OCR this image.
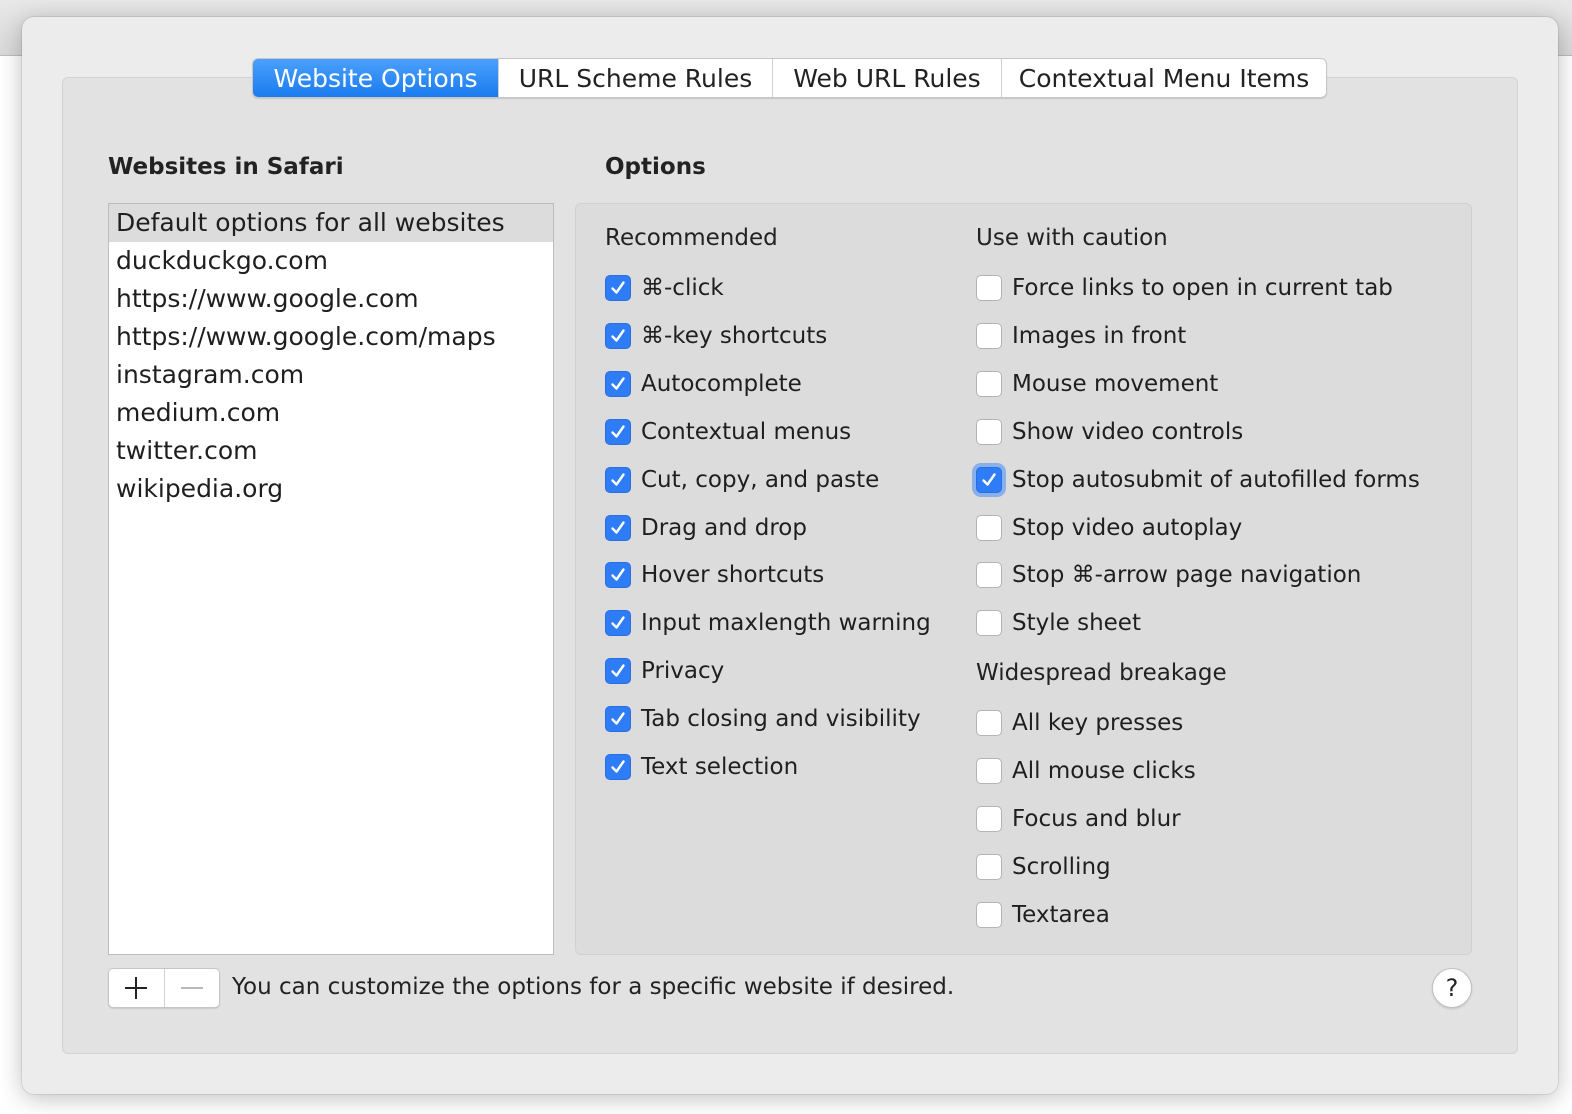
Website Options	URL Scheme Rules	Web URL Rules	Contextual Menu Items
Websites in Safari	Options
Default options for all websites
duckduckgo.com
https://www.google.com
https://www.google.com/maps
instagram.com
medium.com
twitter.com
wikipedia.org
Recommended	Use with caution
Widespread breakage
⌘-click
⌘-key shortcuts
Autocomplete
Contextual menus
Cut, copy, and paste
Drag and drop
Hover shortcuts
Input maxlength warning
Privacy
Tab closing and visibility
Text selection
Force links to open in current tab
Images in front
Mouse movement
Show video controls
Stop autosubmit of autofilled forms
Stop video autoplay
Stop ⌘-arrow page navigation
Style sheet
All key presses
All mouse clicks
Focus and blur
Scrolling
Textarea
You can customize the options for a specific website if desired.	?
